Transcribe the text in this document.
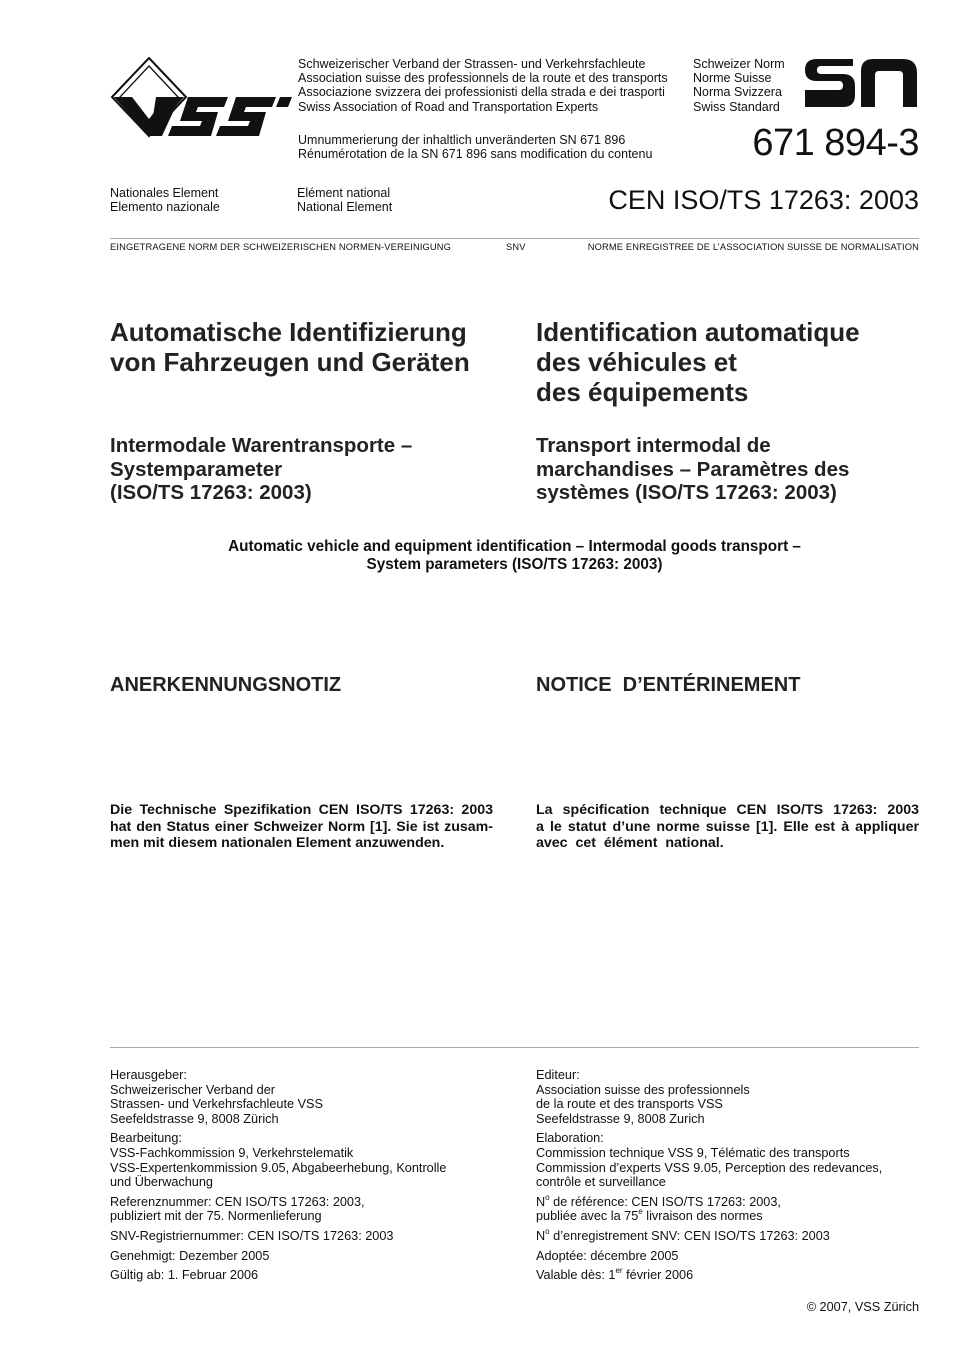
Schweizerischer Verband der Strassen- und Verkehrsfachleute
Association suisse des professionnels de la route et des transports
Associazione svizzera dei professionisti della strada e dei trasporti
Swiss Association of Road and Transportation Experts
Umnummerierung der inhaltlich unveränderten SN 671 896
Rénumérotation de la SN 671 896 sans modification du contenu
Schweizer Norm
Norme Suisse
Norma Svizzera
Swiss Standard
671 894-3
Nationales Element
Elemento nazionale
Elément national
National Element	CEN ISO/TS 17263: 2003
EINGETRAGENE NORM DER SCHWEIZERISCHEN NORMEN-VEREINIGUNG	SNV	NORME ENREGISTREE DE L’ASSOCIATION SUISSE DE NORMALISATION
Automatische Identifizierung
von Fahrzeugen und Geräten
Identification automatique
des véhicules et
des équipements
Intermodale Warentransporte –
Systemparameter
(ISO/TS 17263: 2003)
Transport intermodal de
marchandises – Paramètres des
systèmes (ISO/TS 17263: 2003)
Automatic vehicle and equipment identification – Intermodal goods transport –
System parameters (ISO/TS 17263: 2003)
ANERKENNUNGSNOTIZ	NOTICE  D’ENTÉRINEMENT
Die Technische Spezifikation CEN ISO/TS 17263: 2003
hat den Status einer Schweizer Norm [1]. Sie ist zusam-
men mit diesem nationalen Element anzuwenden.
La spécification technique CEN ISO/TS 17263: 2003
a le statut d’une norme suisse [1]. Elle est à appliquer
avec  cet  élément  national.
Herausgeber:
Schweizerischer Verband der
Strassen- und Verkehrsfachleute VSS
Seefeldstrasse 9, 8008 Zürich
Bearbeitung:
VSS-Fachkommission 9, Verkehrstelematik
VSS-Expertenkommission 9.05, Abgabeerhebung, Kontrolle
und Überwachung
Referenznummer: CEN ISO/TS 17263: 2003,
publiziert mit der 75. Normenlieferung
SNV-Registriernummer: CEN ISO/TS 17263: 2003
Genehmigt: Dezember 2005
Gültig ab: 1. Februar 2006
Editeur:
Association suisse des professionnels
de la route et des transports VSS
Seefeldstrasse 9, 8008 Zurich
Elaboration:
Commission technique VSS 9, Télématic des transports
Commission d’experts VSS 9.05, Perception des redevances,
contrôle et surveillance
$N^o$ de référence: CEN ISO/TS 17263: 2003,
publiée avec la 75e livraison des normes
$N^o$ d’enregistrement SNV: CEN ISO/TS 17263: 2003
Adoptée: décembre 2005
Valable dès: 1er février 2006
© 2007, VSS Zürich
